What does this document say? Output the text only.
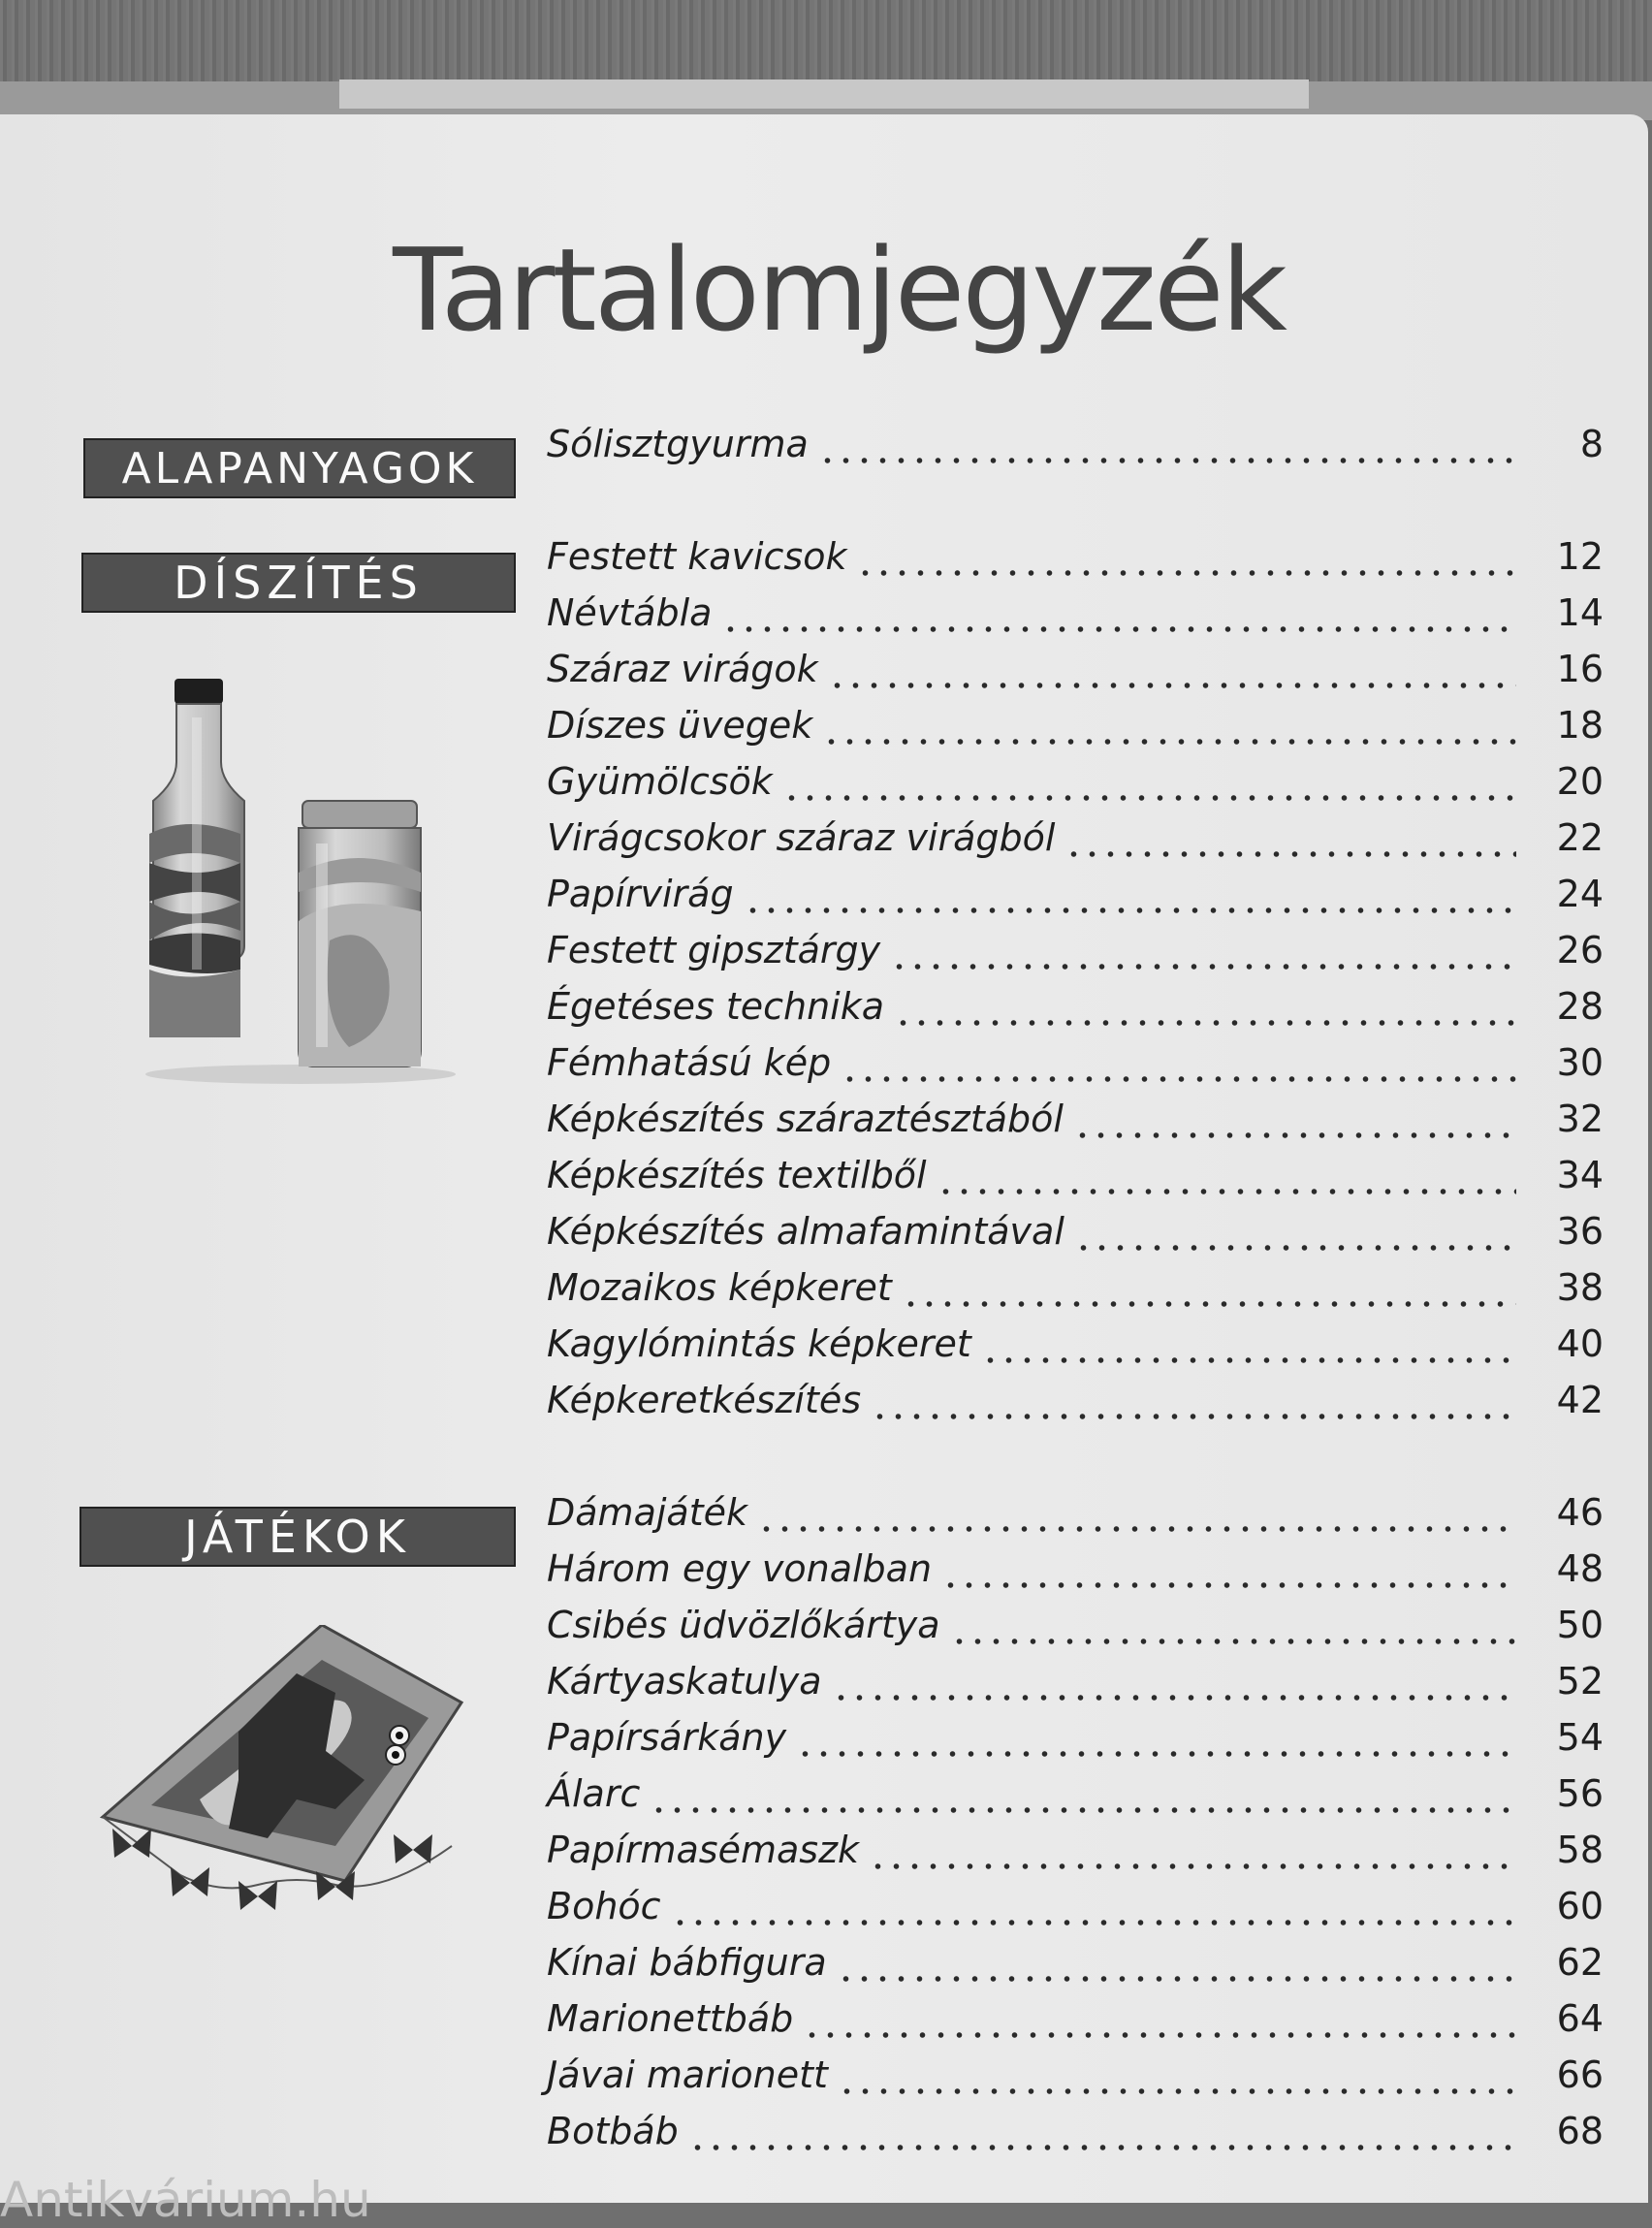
Tartalomjegyzék
ALAPANYAGOK
DÍSZÍTÉS
JÁTÉKOK
Sólisztgyurma	8
Festett kavicsok	12
Névtábla	14
Száraz virágok	16
Díszes üvegek	18
Gyümölcsök	20
Virágcsokor száraz virágból	22
Papírvirág	24
Festett gipsztárgy	26
Égetéses technika	28
Fémhatású kép	30
Képkészítés száraztésztából	32
Képkészítés textilből	34
Képkészítés almafamintával	36
Mozaikos képkeret	38
Kagylómintás képkeret	40
Képkeretkészítés	42
Dámajáték	46
Három egy vonalban	48
Csibés üdvözlőkártya	50
Kártyaskatulya	52
Papírsárkány	54
Álarc	56
Papírmasémaszk	58
Bohóc	60
Kínai bábfigura	62
Marionettbáb	64
Jávai marionett	66
Botbáb	68
Antikvárium.hu
